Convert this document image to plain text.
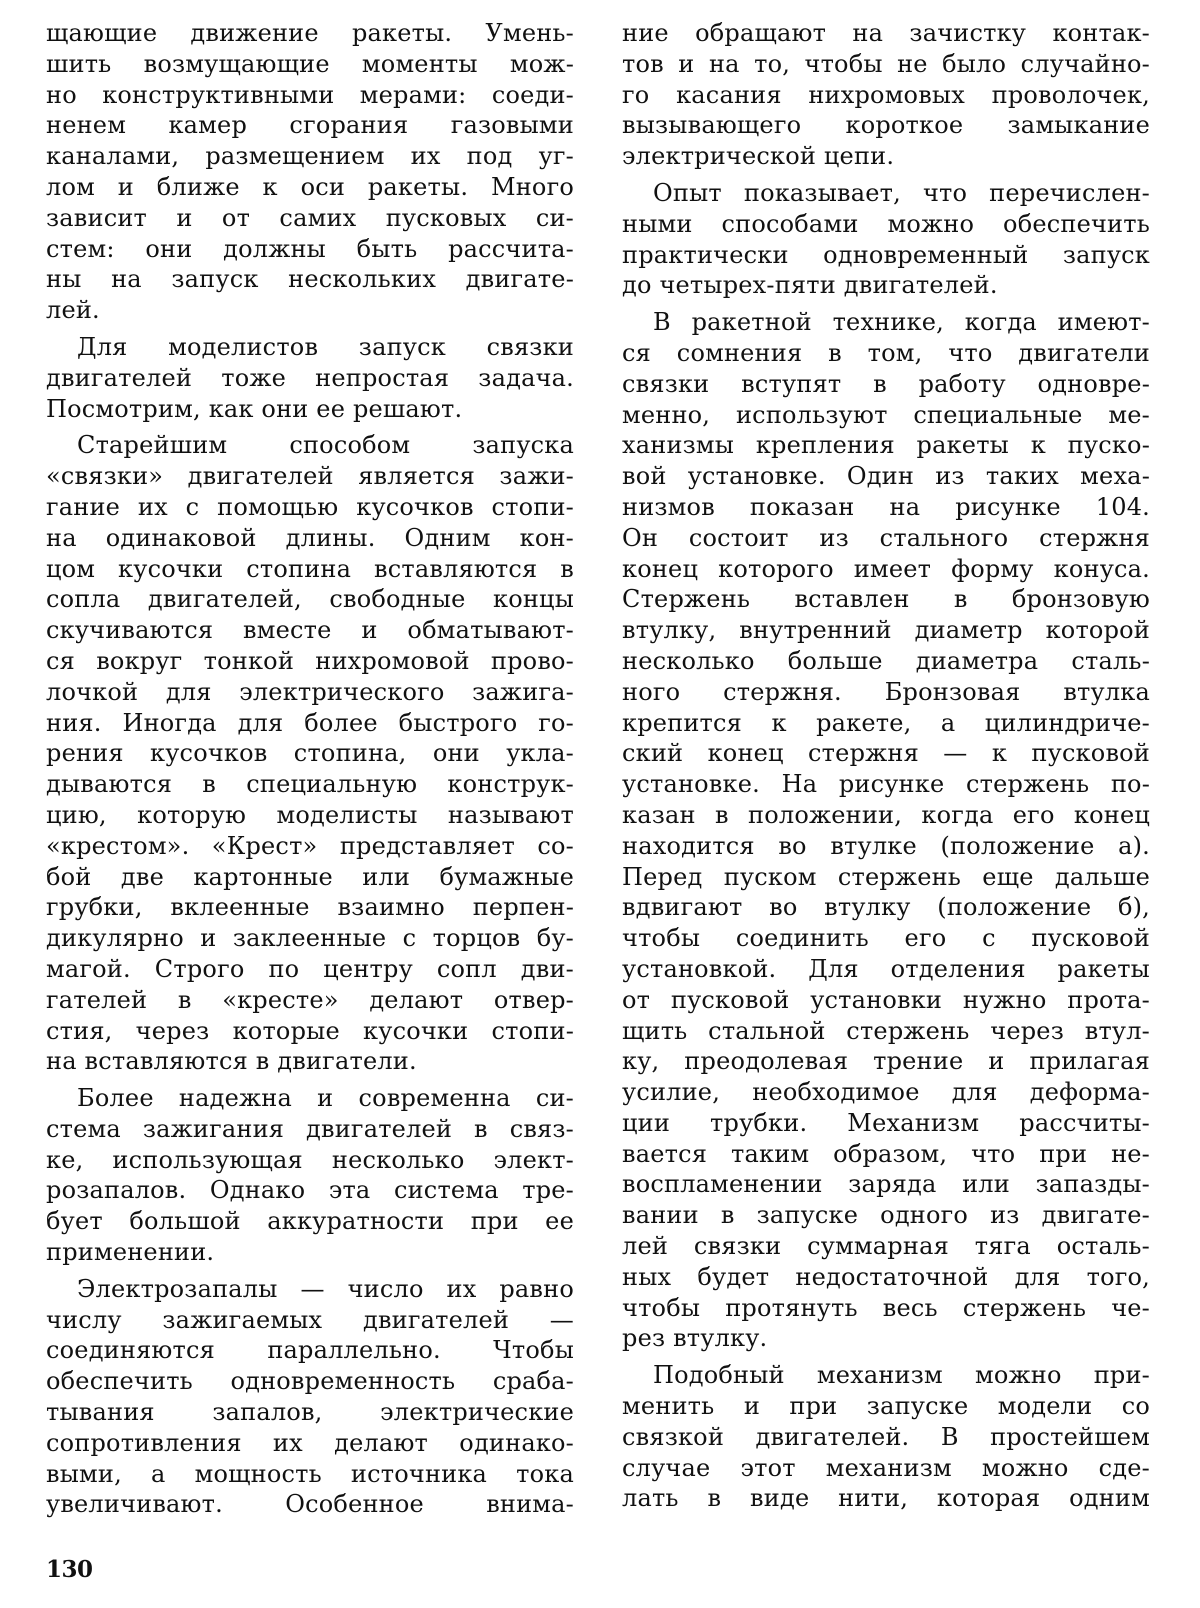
щающие движение ракеты. Умень-
шить возмущающие моменты мож-
но конструктивными мерами: соеди-
ненем камер сгорания газовыми
каналами, размещением их под уг-
лом и ближе к оси ракеты. Много
зависит и от самих пусковых си-
стем: они должны быть рассчита-
ны на запуск нескольких двигате-
лей.
Для моделистов запуск связки
двигателей тоже непростая задача.
Посмотрим, как они ее решают.
Старейшим способом запуска
«связки» двигателей является зажи-
гание их с помощью кусочков стопи-
на одинаковой длины. Одним кон-
цом кусочки стопина вставляются в
сопла двигателей, свободные концы
скучиваются вместе и обматывают-
ся вокруг тонкой нихромовой прово-
лочкой для электрического зажига-
ния. Иногда для более быстрого го-
рения кусочков стопина, они укла-
дываются в специальную конструк-
цию, которую моделисты называют
«крестом». «Крест» представляет со-
бой две картонные или бумажные
грубки, вклеенные взаимно перпен-
дикулярно и заклеенные с торцов бу-
магой. Строго по центру сопл дви-
гателей в «кресте» делают отвер-
стия, через которые кусочки стопи-
на вставляются в двигатели.
Более надежна и современна си-
стема зажигания двигателей в связ-
ке, использующая несколько элект-
розапалов. Однако эта система тре-
бует большой аккуратности при ее
применении.
Электрозапалы — число их равно
числу зажигаемых двигателей —
соединяются параллельно. Чтобы
обеспечить одновременность сраба-
тывания запалов, электрические
сопротивления их делают одинако-
выми, а мощность источника тока
увеличивают. Особенное внима-
ние обращают на зачистку контак-
тов и на то, чтобы не было случайно-
го касания нихромовых проволочек,
вызывающего короткое замыкание
электрической цепи.
Опыт показывает, что перечислен-
ными способами можно обеспечить
практически одновременный запуск
до четырех-пяти двигателей.
В ракетной технике, когда имеют-
ся сомнения в том, что двигатели
связки вступят в работу одновре-
менно, используют специальные ме-
ханизмы крепления ракеты к пуско-
вой установке. Один из таких меха-
низмов показан на рисунке 104.
Он состоит из стального стержня
конец которого имеет форму конуса.
Стержень вставлен в бронзовую
втулку, внутренний диаметр которой
несколько больше диаметра сталь-
ного стержня. Бронзовая втулка
крепится к ракете, а цилиндриче-
ский конец стержня — к пусковой
установке. На рисунке стержень по-
казан в положении, когда его конец
находится во втулке (положение а).
Перед пуском стержень еще дальше
вдвигают во втулку (положение б),
чтобы соединить его с пусковой
установкой. Для отделения ракеты
от пусковой установки нужно прота-
щить стальной стержень через втул-
ку, преодолевая трение и прилагая
усилие, необходимое для деформа-
ции трубки. Механизм рассчиты-
вается таким образом, что при не-
воспламенении заряда или запазды-
вании в запуске одного из двигате-
лей связки суммарная тяга осталь-
ных будет недостаточной для того,
чтобы протянуть весь стержень че-
рез втулку.
Подобный механизм можно при-
менить и при запуске модели со
связкой двигателей. В простейшем
случае этот механизм можно сде-
лать в виде нити, которая одним
130
